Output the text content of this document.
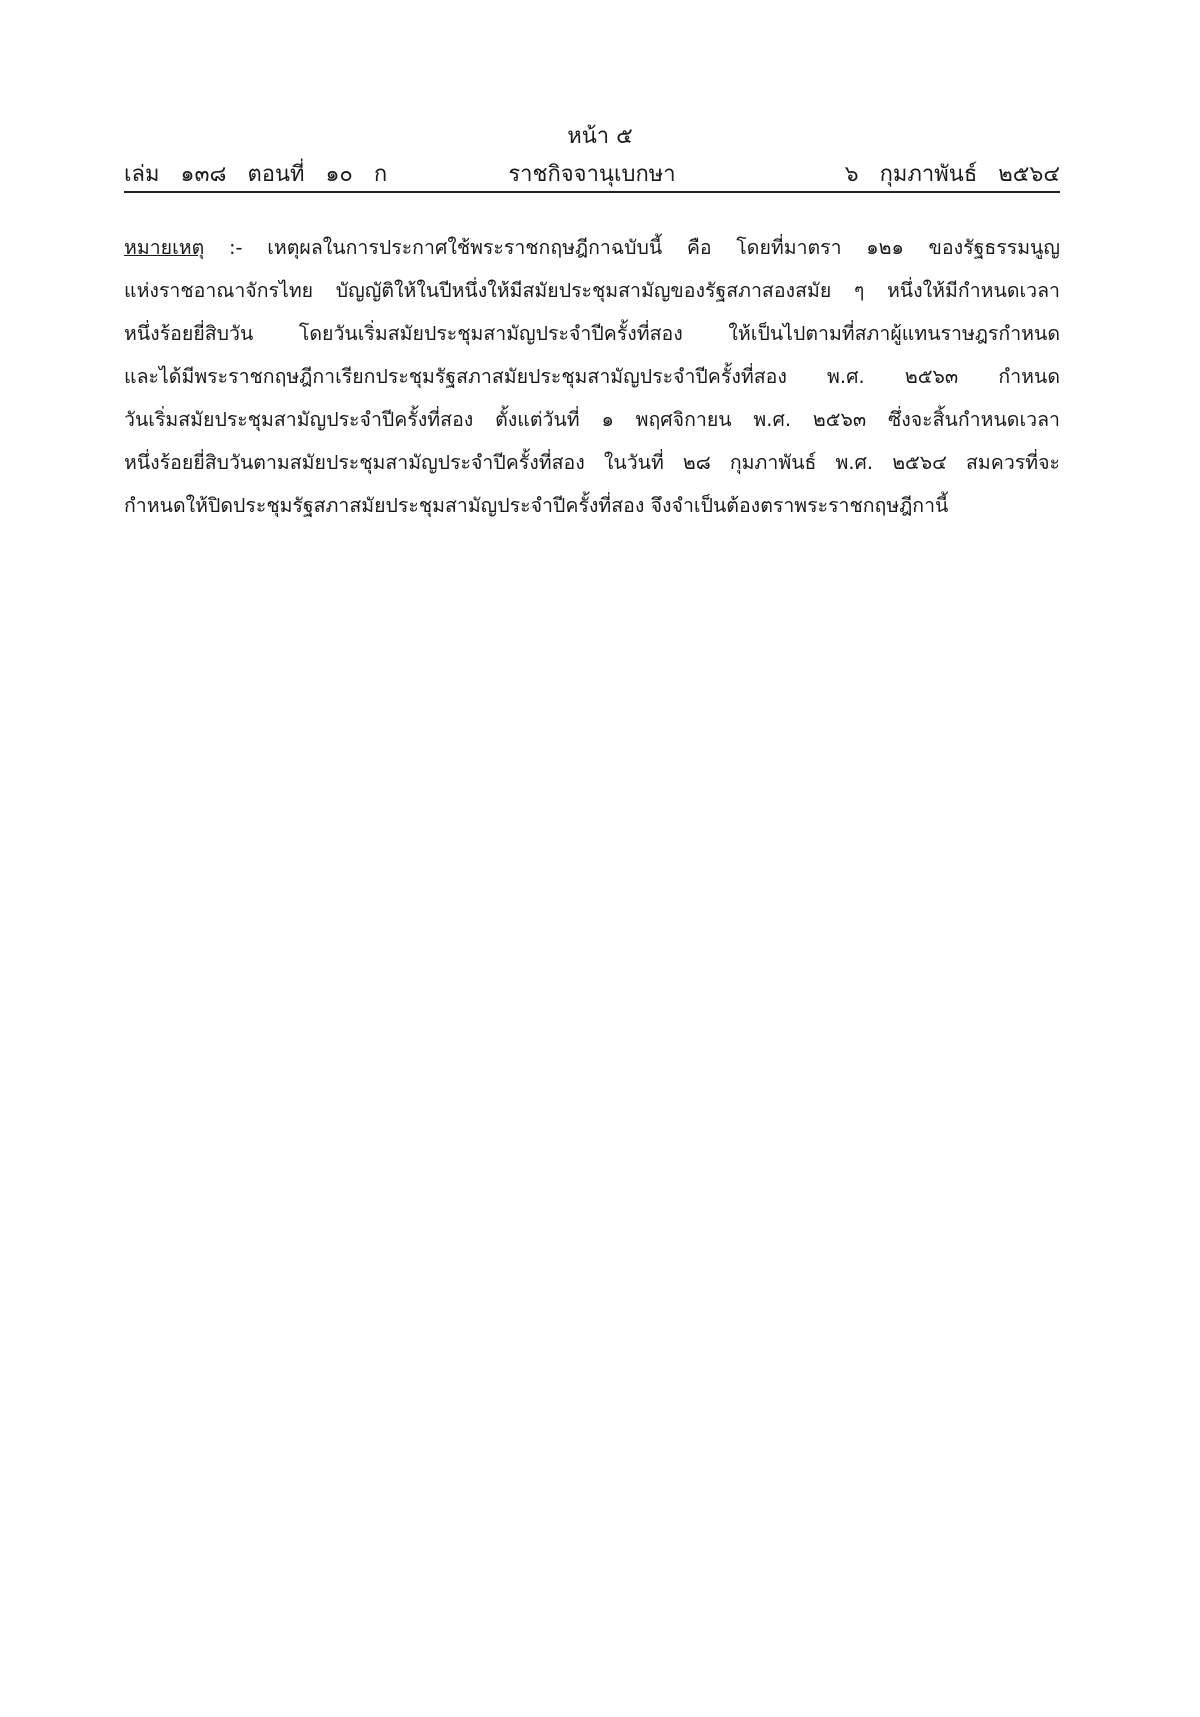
หน้า ๕
เล่ม   ๑๓๘   ตอนที่   ๑๐   ก	ราชกิจจานุเบกษา	๖   กุมภาพันธ์   ๒๕๖๔
หมายเหตุ :- เหตุผลในการประกาศใช้พระราชกฤษฎีกาฉบับนี้ คือ โดยที่มาตรา ๑๒๑ ของรัฐธรรมนูญ
แห่งราชอาณาจักรไทย บัญญัติให้ในปีหนึ่งให้มีสมัยประชุมสามัญของรัฐสภาสองสมัย ๆ หนึ่งให้มีกำหนดเวลา
หนึ่งร้อยยี่สิบวัน โดยวันเริ่มสมัยประชุมสามัญประจำปีครั้งที่สอง ให้เป็นไปตามที่สภาผู้แทนราษฎรกำหนด
และได้มีพระราชกฤษฎีกาเรียกประชุมรัฐสภาสมัยประชุมสามัญประจำปีครั้งที่สอง พ.ศ. ๒๕๖๓ กำหนด
วันเริ่มสมัยประชุมสามัญประจำปีครั้งที่สอง ตั้งแต่วันที่ ๑ พฤศจิกายน พ.ศ. ๒๕๖๓ ซึ่งจะสิ้นกำหนดเวลา
หนึ่งร้อยยี่สิบวันตามสมัยประชุมสามัญประจำปีครั้งที่สอง ในวันที่ ๒๘ กุมภาพันธ์ พ.ศ. ๒๕๖๔ สมควรที่จะ
กำหนดให้ปิดประชุมรัฐสภาสมัยประชุมสามัญประจำปีครั้งที่สอง จึงจำเป็นต้องตราพระราชกฤษฎีกานี้
